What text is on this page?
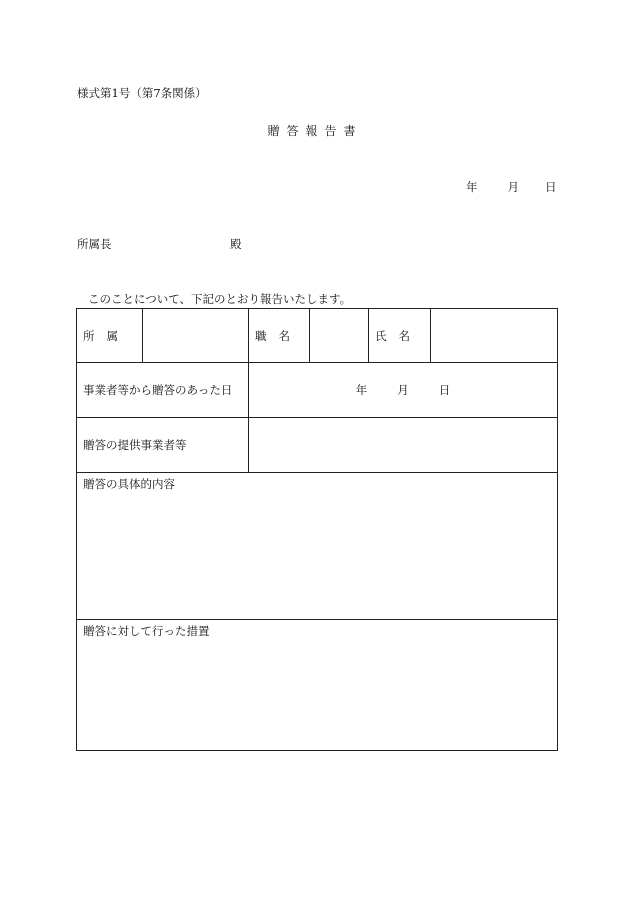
様式第1号（第7条関係）
贈答報告書
年	月 日
所属長	殿
このことについて、下記のとおり報告いたします。
所属		職名		氏名	
事業者等から贈答のあった日		年 月 日			
贈答の提供事業者等					
贈答の具体的内容					
贈答に対して行った措置					
